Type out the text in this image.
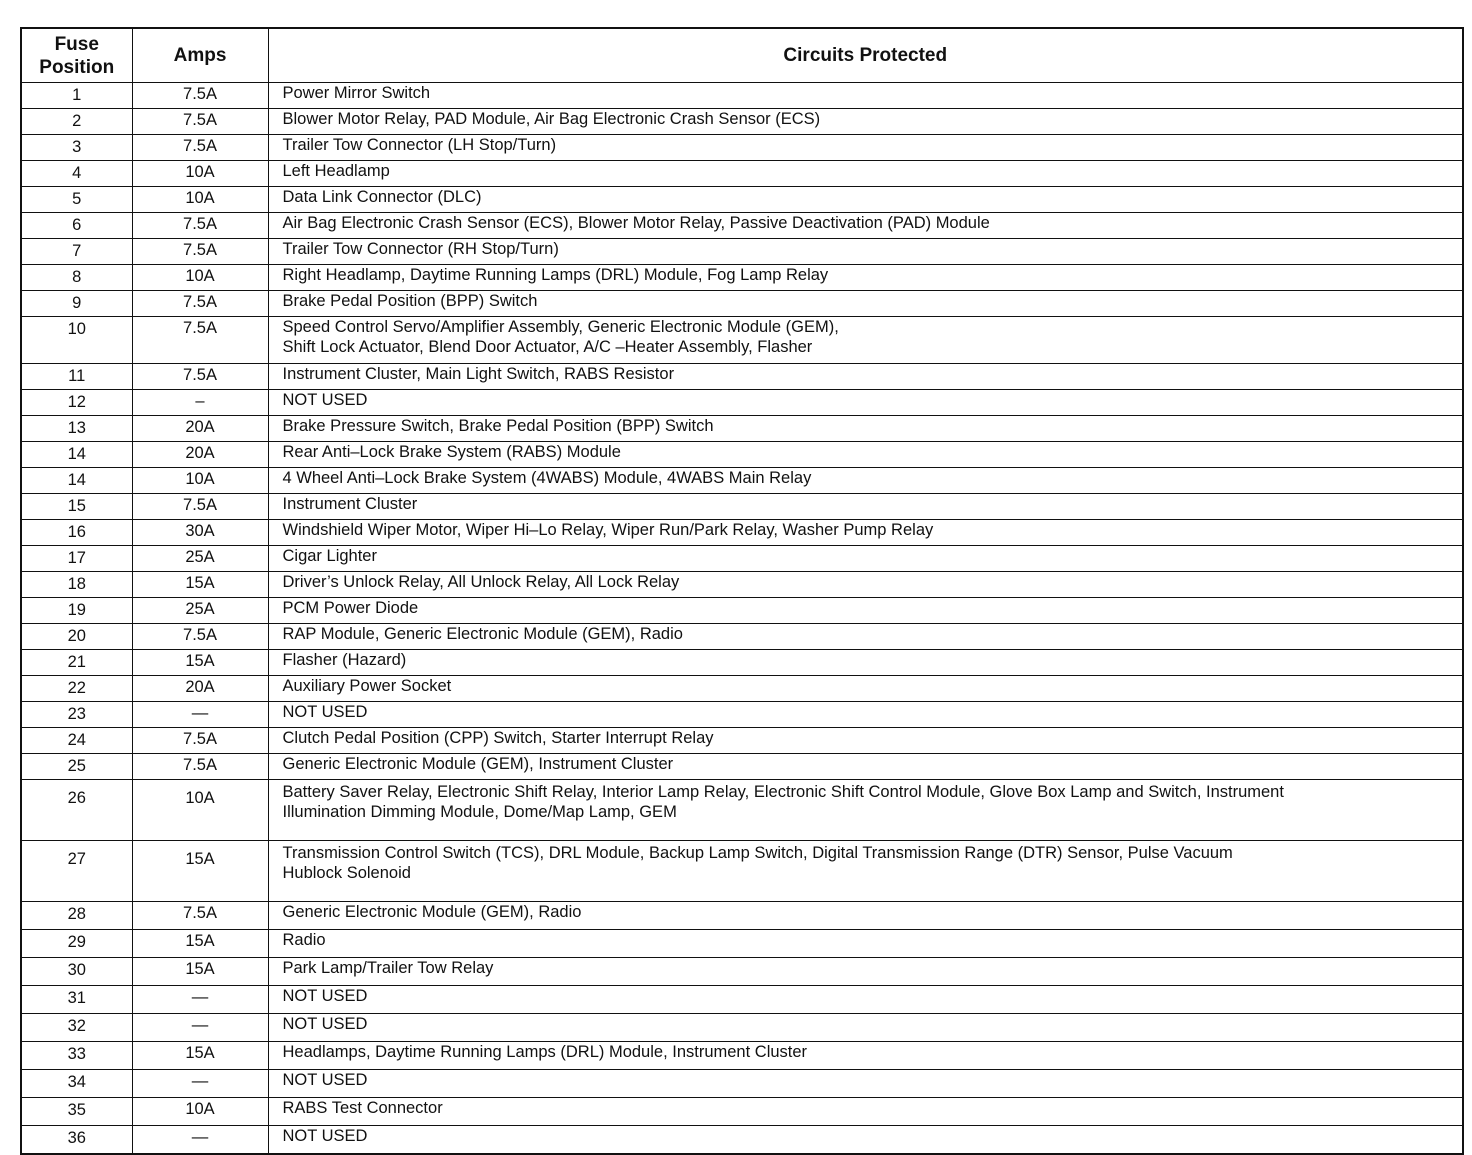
Fuse
Position	Amps	Circuits Protected
1	7.5A	Power Mirror Switch

2	7.5A	Blower Motor Relay, PAD Module, Air Bag Electronic Crash Sensor (ECS)

3	7.5A	Trailer Tow Connector (LH Stop/Turn)

4	10A	Left Headlamp

5	10A	Data Link Connector (DLC)

6	7.5A	Air Bag Electronic Crash Sensor (ECS), Blower Motor Relay, Passive Deactivation (PAD) Module

7	7.5A	Trailer Tow Connector (RH Stop/Turn)

8	10A	Right Headlamp, Daytime Running Lamps (DRL) Module, Fog Lamp Relay

9	7.5A	Brake Pedal Position (BPP) Switch

10	7.5A	Speed Control Servo/Amplifier Assembly, Generic Electronic Module (GEM),
Shift Lock Actuator, Blend Door Actuator, A/C –Heater Assembly, Flasher

11	7.5A	Instrument Cluster, Main Light Switch, RABS Resistor

12	–	NOT USED

13	20A	Brake Pressure Switch, Brake Pedal Position (BPP) Switch

14	20A	Rear Anti–Lock Brake System (RABS) Module

14	10A	4 Wheel Anti–Lock Brake System (4WABS) Module, 4WABS Main Relay

15	7.5A	Instrument Cluster

16	30A	Windshield Wiper Motor, Wiper Hi–Lo Relay, Wiper Run/Park Relay, Washer Pump Relay

17	25A	Cigar Lighter

18	15A	Driver’s Unlock Relay, All Unlock Relay, All Lock Relay

19	25A	PCM Power Diode

20	7.5A	RAP Module, Generic Electronic Module (GEM), Radio

21	15A	Flasher (Hazard)

22	20A	Auxiliary Power Socket

23	—	NOT USED

24	7.5A	Clutch Pedal Position (CPP) Switch, Starter Interrupt Relay

25	7.5A	Generic Electronic Module (GEM), Instrument Cluster

26	10A	Battery Saver Relay, Electronic Shift Relay, Interior Lamp Relay, Electronic Shift Control Module, Glove Box Lamp and Switch, Instrument
Illumination Dimming Module, Dome/Map Lamp, GEM

27	15A	Transmission Control Switch (TCS), DRL Module, Backup Lamp Switch, Digital Transmission Range (DTR) Sensor, Pulse Vacuum
Hublock Solenoid

28	7.5A	Generic Electronic Module (GEM), Radio

29	15A	Radio

30	15A	Park Lamp/Trailer Tow Relay

31	—	NOT USED

32	—	NOT USED

33	15A	Headlamps, Daytime Running Lamps (DRL) Module, Instrument Cluster

34	—	NOT USED

35	10A	RABS Test Connector

36	—	NOT USED
